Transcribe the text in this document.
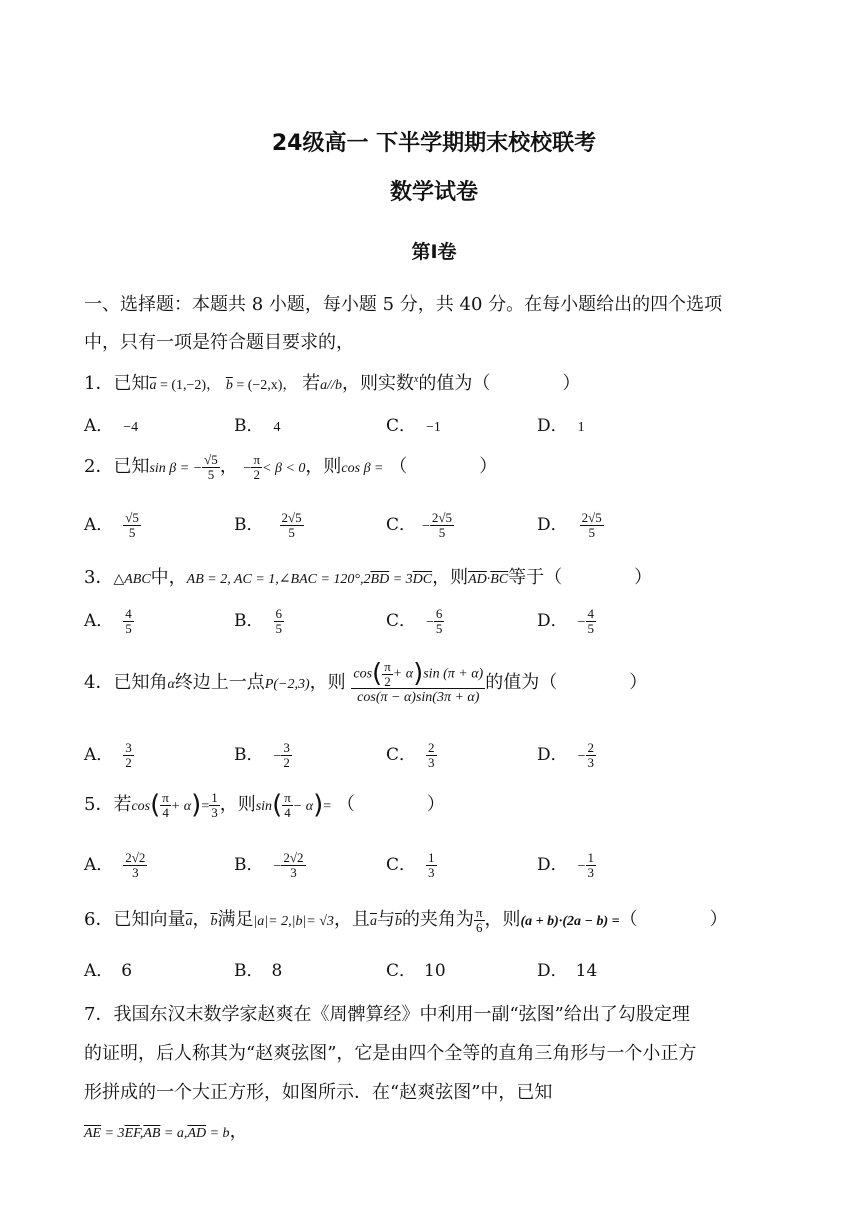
24级高一 下半学期期末校校联考
数学试卷
第Ⅰ卷
一、选择题：本题共 8 小题，每小题 5 分，共 40 分。在每小题给出的四个选项
中，只有一项是符合题目要求的，
1．已知$\overline{a} = (1,-2)$， $\overline{b} = (-2,x)$， 若a//b，则实数$^x$的值为（　　　　）
A． −4	B． 4	C． −1	D． 1
2．已知sin β = − $\frac{√5}{5}$ ， − $\frac{\pi}{2} < \beta < 0$，则cos β = （　　　　）
A． $\frac{√5}{5}$	B． $\frac{2√5}{5}$	C． − $\frac{2√5}{5}$	D． $\frac{2√5}{5}$
3．△ABC中，AB = 2, AC = 1,∠BAC = $120^\circ,2\overline{BD} = 3\overline{DC}$，则$\overline{AD}\cdot\overline{BC}$等于（　　　　）
A． $\frac{4}{5}$	B． $\frac{6}{5}$	C． − $\frac{6}{5}$	D． − $\frac{4}{5}$
4．已知角α终边上一点P(−2,3)，则 $\frac{\cos( \frac{\pi}{2} + \alpha)\sin (\pi + \alpha)}{\cos(\pi - \alpha)\sin(3\pi + \alpha)}$ 的值为（　　　　）
A． $\frac{3}{2}$	B． − $\frac{3}{2}$	C． $\frac{2}{3}$	D． − $\frac{2}{3}$
5．若$\cos( \frac{\pi}{4} + \alpha)= \frac{1}{3}$ ，则$\sin( \frac{\pi}{4} - \alpha)=$ （　　　　）
A． $\frac{2√2}{3}$	B． − $\frac{2√2}{3}$	C． $\frac{1}{3}$	D． − $\frac{1}{3}$
6．已知向量$\overline{a}$，$\overline{b}$满足|a|= 2,|b|= √3，且$\overline{a}$与$\overline{b}$的夹角为 $\frac{\pi}{6}$ ，则(a + b)·(2a − b) =（　　　　）
A． 6	B． 8	C． 10	D． 14
7．我国东汉末数学家赵爽在《周髀算经》中利用一副“弦图”给出了勾股定理
的证明，后人称其为“赵爽弦图”，它是由四个全等的直角三角形与一个小正方
形拼成的一个大正方形，如图所示．在“赵爽弦图”中，已知
$\overline{AE} = 3\overline{EF},\overline{AB} = a,\overline{AD} = b$，
